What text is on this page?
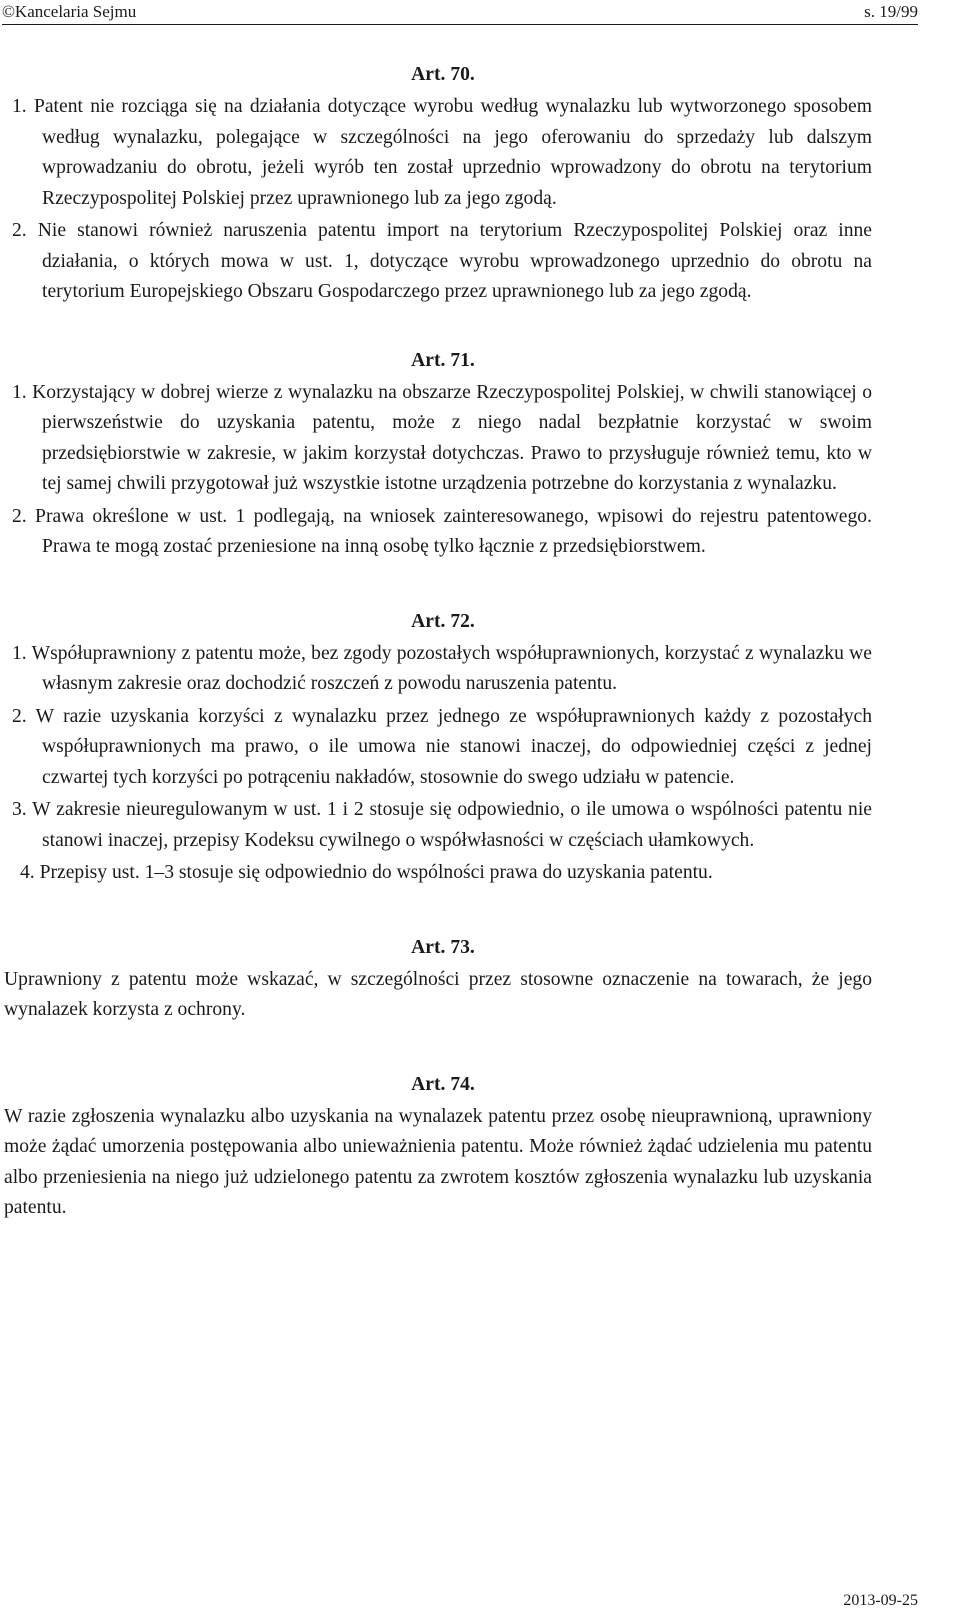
©Kancelaria Sejmu	s. 19/99
Art. 70.

1. Patent nie rozciąga się na działania dotyczące wyrobu według wynalazku lub wytworzonego sposobem według wynalazku, polegające w szczególności na jego oferowaniu do sprzedaży lub dalszym wprowadzaniu do obrotu, jeżeli wyrób ten został uprzednio wprowadzony do obrotu na terytorium Rzeczypospolitej Polskiej przez uprawnionego lub za jego zgodą.

2. Nie stanowi również naruszenia patentu import na terytorium Rzeczypospolitej Polskiej oraz inne działania, o których mowa w ust. 1, dotyczące wyrobu wprowadzonego uprzednio do obrotu na terytorium Europejskiego Obszaru Gospodarczego przez uprawnionego lub za jego zgodą.

Art. 71.

1. Korzystający w dobrej wierze z wynalazku na obszarze Rzeczypospolitej Polskiej, w chwili stanowiącej o pierwszeństwie do uzyskania patentu, może z niego nadal bezpłatnie korzystać w swoim przedsiębiorstwie w zakresie, w jakim korzystał dotychczas. Prawo to przysługuje również temu, kto w tej samej chwili przygotował już wszystkie istotne urządzenia potrzebne do korzystania z wynalazku.

2. Prawa określone w ust. 1 podlegają, na wniosek zainteresowanego, wpisowi do rejestru patentowego. Prawa te mogą zostać przeniesione na inną osobę tylko łącznie z przedsiębiorstwem.

Art. 72.

1. Współuprawniony z patentu może, bez zgody pozostałych współuprawnionych, korzystać z wynalazku we własnym zakresie oraz dochodzić roszczeń z powodu naruszenia patentu.

2. W razie uzyskania korzyści z wynalazku przez jednego ze współuprawnionych każdy z pozostałych współuprawnionych ma prawo, o ile umowa nie stanowi inaczej, do odpowiedniej części z jednej czwartej tych korzyści po potrąceniu nakładów, stosownie do swego udziału w patencie.

3. W zakresie nieuregulowanym w ust. 1 i 2 stosuje się odpowiednio, o ile umowa o wspólności patentu nie stanowi inaczej, przepisy Kodeksu cywilnego o współwłasności w częściach ułamkowych.

4. Przepisy ust. 1–3 stosuje się odpowiednio do wspólności prawa do uzyskania patentu.

Art. 73.

Uprawniony z patentu może wskazać, w szczególności przez stosowne oznaczenie na towarach, że jego wynalazek korzysta z ochrony.

Art. 74.

W razie zgłoszenia wynalazku albo uzyskania na wynalazek patentu przez osobę nieuprawnioną, uprawniony może żądać umorzenia postępowania albo unieważnienia patentu. Może również żądać udzielenia mu patentu albo przeniesienia na niego już udzielonego patentu za zwrotem kosztów zgłoszenia wynalazku lub uzyskania patentu.

2013-09-25
